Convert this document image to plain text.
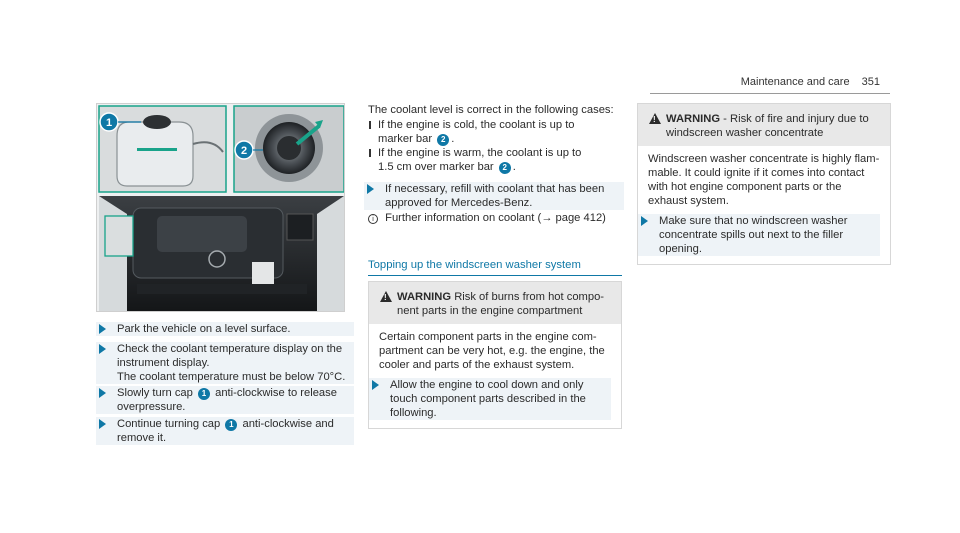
Maintenance and care 351
1
2
Park the vehicle on a level surface.
Check the coolant temperature display on the
instrument display.
The coolant temperature must be below 70°C.
Slowly turn cap 1 anti-clockwise to release
overpressure.
Continue turning cap 1 anti-clockwise and
remove it.
The coolant level is correct in the following cases:
If the engine is cold, the coolant is up to
marker bar 2 .
If the engine is warm, the coolant is up to
1.5 cm over marker bar 2 .
If necessary, refill with coolant that has been
approved for Mercedes-Benz.
i Further information on coolant (→ page 412)
Topping up the windscreen washer system
!
WARNING Risk of burns from hot compo-
nent parts in the engine compartment
Certain component parts in the engine com-
partment can be very hot, e.g. the engine, the
cooler and parts of the exhaust system.
Allow the engine to cool down and only
touch component parts described in the
following.
!
WARNING - Risk of fire and injury due to
windscreen washer concentrate
Windscreen washer concentrate is highly flam-
mable. It could ignite if it comes into contact
with hot engine component parts or the
exhaust system.
Make sure that no windscreen washer
concentrate spills out next to the filler
opening.
